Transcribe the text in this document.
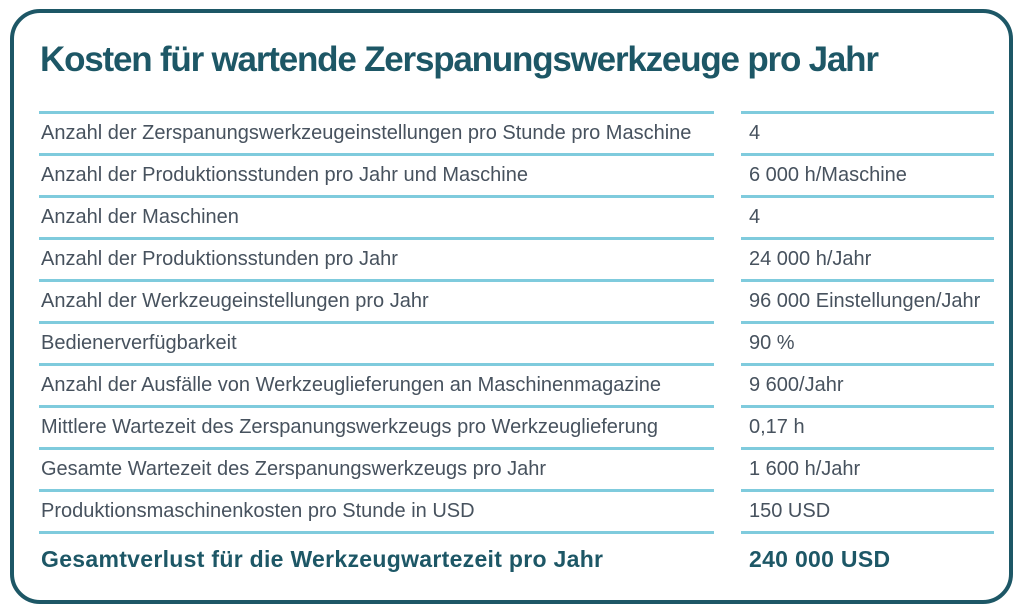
Kosten für wartende Zerspanungswerkzeuge pro Jahr
Anzahl der Zerspanungswerkzeugeinstellungen pro Stunde pro Maschine	4
Anzahl der Produktionsstunden pro Jahr und Maschine	6 000 h/Maschine
Anzahl der Maschinen	4
Anzahl der Produktionsstunden pro Jahr	24 000 h/Jahr
Anzahl der Werkzeugeinstellungen pro Jahr	96 000 Einstellungen/Jahr
Bedienerverfügbarkeit	90 %
Anzahl der Ausfälle von Werkzeuglieferungen an Maschinenmagazine	9 600/Jahr
Mittlere Wartezeit des Zerspanungswerkzeugs pro Werkzeuglieferung	0,17 h
Gesamte Wartezeit des Zerspanungswerkzeugs pro Jahr	1 600 h/Jahr
Produktionsmaschinenkosten pro Stunde in USD	150 USD
Gesamtverlust für die Werkzeugwartezeit pro Jahr	240 000 USD
